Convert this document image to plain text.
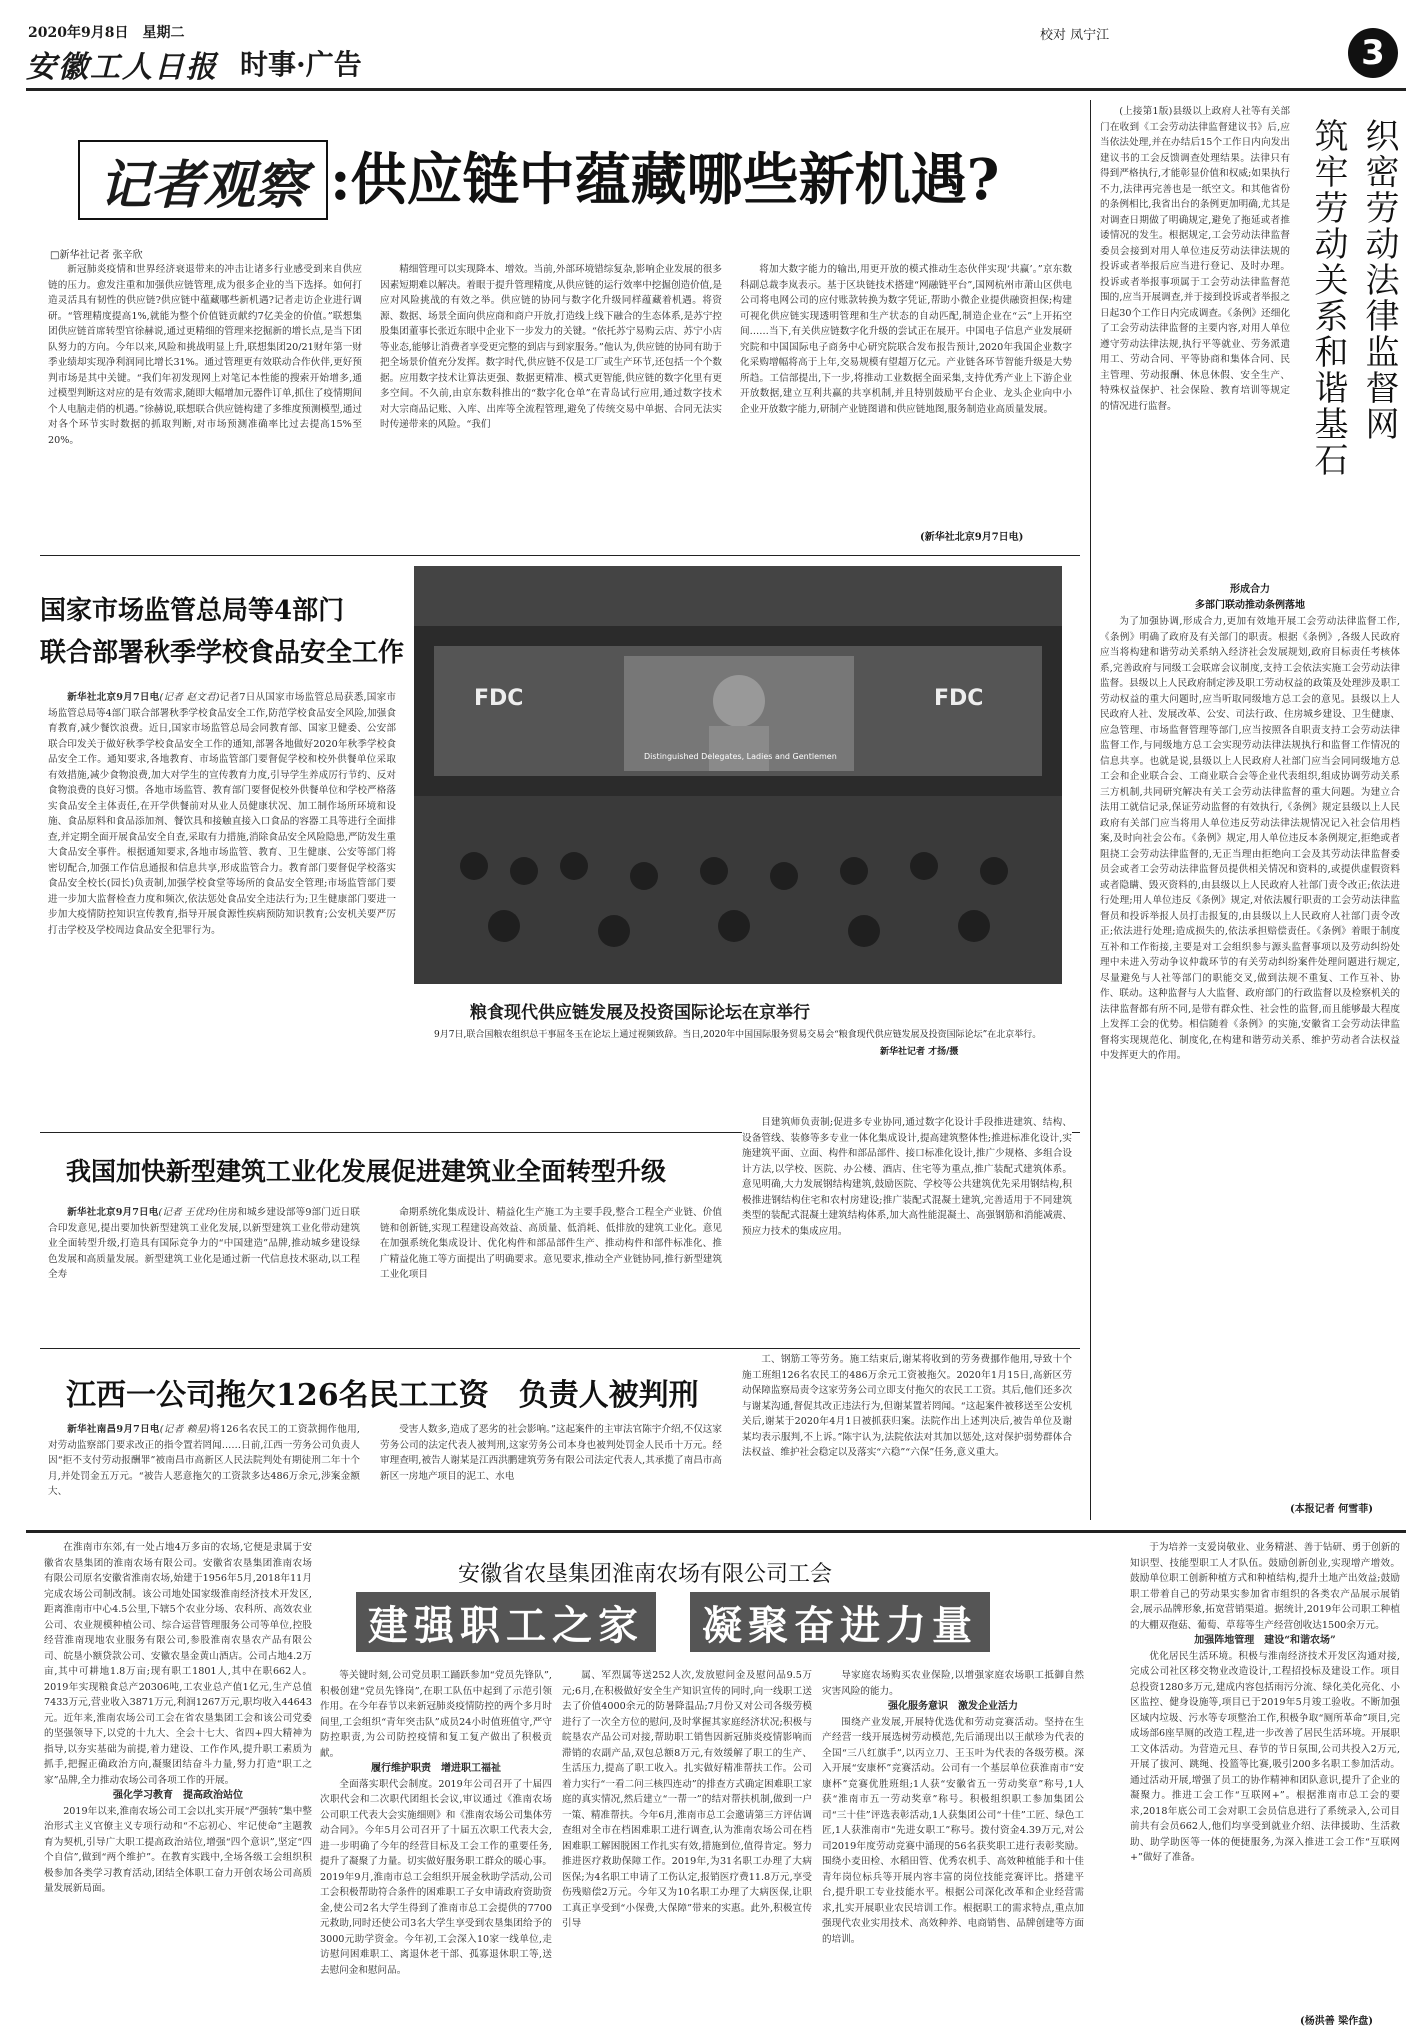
2020年9月8日　星期二
安徽工人日报 时事·广告
校对 凤宁江	3
记者观察 :供应链中蕴藏哪些新机遇?
□新华社记者 张辛欣

新冠肺炎疫情和世界经济衰退带来的冲击让诸多行业感受到来自供应链的压力。愈发注重和加强供应链管理,成为很多企业的当下选择。如何打造灵活具有韧性的供应链?供应链中蕴藏哪些新机遇?记者走访企业进行调研。“管理精度提高1%,就能为整个价值链贡献约7亿美金的价值。”联想集团供应链首席转型官徐赫说,通过更精细的管理来挖掘新的增长点,是当下团队努力的方向。今年以来,风险和挑战明显上升,联想集团20/21财年第一财季业绩却实现净利润同比增长31%。通过管理更有效联动合作伙伴,更好预判市场是其中关键。“我们年初发现网上对笔记本性能的搜索开始增多,通过模型判断这对应的是有效需求,随即大幅增加元器件订单,抓住了疫情期间个人电脑走俏的机遇。”徐赫说,联想联合供应链构建了多维度预测模型,通过对各个环节实时数据的抓取判断,对市场预测准确率比过去提高15%至20%。

精细管理可以实现降本、增效。当前,外部环境错综复杂,影响企业发展的很多因素短期难以解决。着眼于提升管理精度,从供应链的运行效率中挖掘创造价值,是应对风险挑战的有效之举。供应链的协同与数字化升级同样蕴藏着机遇。将资源、数据、场景全面向供应商和商户开放,打造线上线下融合的生态体系,是苏宁控股集团董事长张近东眼中企业下一步发力的关键。“依托苏宁易购云店、苏宁小店等业态,能够让消费者享受更完整的到店与到家服务。”他认为,供应链的协同有助于把全场景价值充分发挥。数字时代,供应链不仅是工厂或生产环节,还包括一个个数据。应用数字技术让算法更强、数据更精准、模式更智能,供应链的数字化里有更多空间。不久前,由京东数科推出的“数字化仓单”在青岛试行应用,通过数字技术对大宗商品记账、入库、出库等全流程管理,避免了传统交易中单据、合同无法实时传递带来的风险。“我们

将加大数字能力的输出,用更开放的模式推动生态伙伴实现‘共赢’。”京东数科副总裁李岚表示。基于区块链技术搭建“网融链平台”,国网杭州市萧山区供电公司将电网公司的应付账款转换为数字凭证,帮助小微企业提供融资担保;构建可视化供应链实现透明管理和生产状态的自动匹配,制造企业在“云”上开拓空间……当下,有关供应链数字化升级的尝试正在展开。中国电子信息产业发展研究院和中国国际电子商务中心研究院联合发布报告预计,2020年我国企业数字化采购增幅将高于上年,交易规模有望超万亿元。产业链各环节智能升级是大势所趋。工信部提出,下一步,将推动工业数据全面采集,支持优秀产业上下游企业开放数据,建立互利共赢的共享机制,并且特别鼓励平台企业、龙头企业向中小企业开放数字能力,研制产业链图谱和供应链地图,服务制造业高质量发展。

(新华社北京9月7日电)
国家市场监管总局等4部门
联合部署秋季学校食品安全工作

新华社北京9月7日电(记者 赵文君)记者7日从国家市场监管总局获悉,国家市场监管总局等4部门联合部署秋季学校食品安全工作,防范学校食品安全风险,加强食育教育,减少餐饮浪费。近日,国家市场监管总局会同教育部、国家卫健委、公安部联合印发关于做好秋季学校食品安全工作的通知,部署各地做好2020年秋季学校食品安全工作。通知要求,各地教育、市场监管部门要督促学校和校外供餐单位采取有效措施,减少食物浪费,加大对学生的宣传教育力度,引导学生养成厉行节约、反对食物浪费的良好习惯。各地市场监管、教育部门要督促校外供餐单位和学校严格落实食品安全主体责任,在开学供餐前对从业人员健康状况、加工制作场所环境和设施、食品原料和食品添加剂、餐饮具和接触直接入口食品的容器工具等进行全面排查,并定期全面开展食品安全自查,采取有力措施,消除食品安全风险隐患,严防发生重大食品安全事件。根据通知要求,各地市场监管、教育、卫生健康、公安等部门将密切配合,加强工作信息通报和信息共享,形成监管合力。教育部门要督促学校落实食品安全校长(园长)负责制,加强学校食堂等场所的食品安全管理;市场监管部门要进一步加大监督检查力度和频次,依法惩处食品安全违法行为;卫生健康部门要进一步加大疫情防控知识宣传教育,指导开展食源性疾病预防知识教育;公安机关要严厉打击学校及学校周边食品安全犯罪行为。

FDC	FDC
Distinguished Delegates, Ladies and Gentlemen
粮食现代供应链发展及投资国际论坛在京举行
9月7日,联合国粮农组织总干事屈冬玉在论坛上通过视频致辞。当日,2020年中国国际服务贸易交易会“粮食现代供应链发展及投资国际论坛”在北京举行。
新华社记者 才扬/摄
我国加快新型建筑工业化发展促进建筑业全面转型升级

新华社北京9月7日电(记者 王优玲)住房和城乡建设部等9部门近日联合印发意见,提出要加快新型建筑工业化发展,以新型建筑工业化带动建筑业全面转型升级,打造具有国际竞争力的“中国建造”品牌,推动城乡建设绿色发展和高质量发展。新型建筑工业化是通过新一代信息技术驱动,以工程全寿

命期系统化集成设计、精益化生产施工为主要手段,整合工程全产业链、价值链和创新链,实现工程建设高效益、高质量、低消耗、低排放的建筑工业化。意见在加强系统化集成设计、优化构件和部品部件生产、推动构件和部件标准化、推广精益化施工等方面提出了明确要求。意见要求,推动全产业链协同,推行新型建筑工业化项目

目建筑师负责制;促进多专业协同,通过数字化设计手段推进建筑、结构、设备管线、装修等多专业一体化集成设计,提高建筑整体性;推进标准化设计,实施建筑平面、立面、构件和部品部件、接口标准化设计,推广少规格、多组合设计方法,以学校、医院、办公楼、酒店、住宅等为重点,推广装配式建筑体系。意见明确,大力发展钢结构建筑,鼓励医院、学校等公共建筑优先采用钢结构,积极推进钢结构住宅和农村房建设;推广装配式混凝土建筑,完善适用于不同建筑类型的装配式混凝土建筑结构体系,加大高性能混凝土、高强钢筋和消能减震、预应力技术的集成应用。

江西一公司拖欠126名民工工资　负责人被判刑

新华社南昌9月7日电(记者 赖星)将126名农民工的工资款拥作他用,对劳动监察部门要求改正的指令置若罔闻……日前,江西一劳务公司负责人因“拒不支付劳动报酬罪”被南昌市高新区人民法院判处有期徒刑二年十个月,并处罚金五万元。“被告人恶意拖欠的工资款多达486万余元,涉案金额大、

受害人数多,造成了恶劣的社会影响。”这起案件的主审法官陈宇介绍,不仅这家劳务公司的法定代表人被判刑,这家劳务公司本身也被判处罚金人民币十万元。经审理查明,被告人谢某是江西洪鹏建筑劳务有限公司法定代表人,其承揽了南昌市高新区一房地产项目的泥工、水电

工、钢筋工等劳务。施工结束后,谢某将收到的劳务费挪作他用,导致十个施工班组126名农民工的486万余元工资被拖欠。2020年1月15日,高新区劳动保障监察局责令这家劳务公司立即支付拖欠的农民工工资。其后,他们还多次与谢某沟通,督促其改正违法行为,但谢某置若罔闻。“这起案件被移送至公安机关后,谢某于2020年4月1日被抓获归案。法院作出上述判决后,被告单位及谢某均表示服判,不上诉。”陈宇认为,法院依法对其加以惩处,这对保护弱势群体合法权益、维护社会稳定以及落实“六稳”“六保”任务,意义重大。

(上接第1版)县级以上政府人社等有关部门在收到《工会劳动法律监督建议书》后,应当依法处理,并在办结后15个工作日内向发出建议书的工会反馈调查处理结果。法律只有得到严格执行,才能彰显价值和权威;如果执行不力,法律再完善也是一纸空文。和其他省份的条例相比,我省出台的条例更加明确,尤其是对调查日期做了明确规定,避免了拖延或者推诿情况的发生。根据规定,工会劳动法律监督委员会接到对用人单位违反劳动法律法规的投诉或者举报后应当进行登记、及时办理。投诉或者举报事项属于工会劳动法律监督范围的,应当开展调查,并于接到投诉或者举报之日起30个工作日内完成调查。《条例》还细化了工会劳动法律监督的主要内容,对用人单位遵守劳动法律法规,执行平等就业、劳务派遣用工、劳动合同、平等协商和集体合同、民主管理、劳动报酬、休息休假、安全生产、特殊权益保护、社会保险、教育培训等规定的情况进行监督。	织密劳动法律监督网
筑牢劳动关系和谐基石
形成合力
多部门联动推动条例落地

为了加强协调,形成合力,更加有效地开展工会劳动法律监督工作,《条例》明确了政府及有关部门的职责。根据《条例》,各级人民政府应当将构建和谐劳动关系纳入经济社会发展规划,政府目标责任考核体系,完善政府与同级工会联席会议制度,支持工会依法实施工会劳动法律监督。县级以上人民政府制定涉及职工劳动权益的政策及处理涉及职工劳动权益的重大问题时,应当听取同级地方总工会的意见。县级以上人民政府人社、发展改革、公安、司法行政、住房城乡建设、卫生健康、应急管理、市场监督管理等部门,应当按照各自职责支持工会劳动法律监督工作,与同级地方总工会实现劳动法律法规执行和监督工作情况的信息共享。也就是说,县级以上人民政府人社部门应当会同同级地方总工会和企业联合会、工商业联合会等企业代表组织,组成协调劳动关系三方机制,共同研究解决有关工会劳动法律监督的重大问题。为建立合法用工就信记录,保证劳动监督的有效执行,《条例》规定县级以上人民政府有关部门应当将用人单位违反劳动法律法规情况记入社会信用档案,及时向社会公布。《条例》规定,用人单位违反本条例规定,拒绝或者阻挠工会劳动法律监督的,无正当理由拒绝向工会及其劳动法律监督委员会或者工会劳动法律监督员提供相关情况和资料的,或提供虚假资料或者隐瞒、毁灭资料的,由县级以上人民政府人社部门责令改正;依法进行处理;用人单位违反《条例》规定,对依法履行职责的工会劳动法律监督员和投诉举报人员打击报复的,由县级以上人民政府人社部门责令改正;依法进行处理;造成损失的,依法承担赔偿责任。《条例》着眼于制度互补和工作衔接,主要是对工会组织参与源头监督事项以及劳动纠纷处理中未进入劳动争议仲裁环节的有关劳动纠纷案件处理问题进行规定,尽量避免与人社等部门的职能交叉,做到法规不重复、工作互补、协作、联动。这种监督与人大监督、政府部门的行政监督以及检察机关的法律监督都有所不同,是带有群众性、社会性的监督,而且能够最大程度上发挥工会的优势。相信随着《条例》的实施,安徽省工会劳动法律监督将实现规范化、制度化,在构建和谐劳动关系、维护劳动者合法权益中发挥更大的作用。

(本报记者 何雪菲)
安徽省农垦集团淮南农场有限公司工会
建强职工之家	凝聚奋进力量

在淮南市东郊,有一处占地4万多亩的农场,它便是隶属于安徽省农垦集团的淮南农场有限公司。安徽省农垦集团淮南农场有限公司原名安徽省淮南农场,始建于1956年5月,2018年11月完成农场公司制改制。该公司地处国家级淮南经济技术开发区,距离淮南市中心4.5公里,下辖5个农业分场、农科所、高效农业公司、农业规模种植公司、综合运营管理服务公司等单位,控股经营淮南现地农业服务有限公司,参股淮南农垦农产品有限公司、皖垦小额贷款公司、安徽农垦金黄山酒店。公司占地4.2万亩,其中可耕地1.8万亩;现有职工1801人,其中在职662人。2019年实现粮食总产20306吨,工农业总产值1亿元,生产总值7433万元,营业收入3871万元,利润1267万元,职均收入44643元。近年来,淮南农场公司工会在省农垦集团工会和该公司党委的坚强领导下,以党的十九大、全会十七大、省四+四大精神为指导,以夯实基础为前提,着力建设、工作作风,提升职工素质为抓手,把握正确政治方向,凝聚团结奋斗力量,努力打造“职工之家”品牌,全力推动农场公司各项工作的开展。

强化学习教育　提高政治站位

2019年以来,淮南农场公司工会以扎实开展“严强转”集中整治形式主义官僚主义专项行动和“不忘初心、牢记使命”主题教育为契机,引导广大职工提高政治站位,增强“四个意识”,坚定“四个自信”,做到“两个维护”。在教育实践中,全场各级工会组织积极参加各类学习教育活动,团结全体职工奋力开创农场公司高质量发展新局面。

等关键时刻,公司党员职工踊跃参加“党员先锋队”,积极创建“党员先锋岗”,在职工队伍中起到了示范引领作用。在今年春节以来新冠肺炎疫情防控的两个多月时间里,工会组织“青年突击队”成员24小时值班值守,严守防控职责,为公司防控疫情和复工复产做出了积极贡献。

履行维护职责　增进职工福祉

全面落实职代会制度。2019年公司召开了十届四次职代会和二次职代团组长会议,审议通过《淮南农场公司职工代表大会实施细则》和《淮南农场公司集体劳动合同》。今年5月公司召开了十届五次职工代表大会,进一步明确了今年的经营目标及工会工作的重要任务,提升了凝聚了力量。切实做好服务职工群众的暖心事。2019年9月,淮南市总工会组织开展金秋助学活动,公司工会积极帮助符合条件的困难职工子女申请政府资助资金,使公司2名大学生得到了淮南市总工会提供的7700元救助,同时还使公司3名大学生享受到农垦集团给予的3000元助学资金。今年初,工会深入10家一线单位,走访慰问困难职工、离退休老干部、孤寡退休职工等,送去慰问金和慰问品。

属、军烈属等送252人次,发放慰问金及慰问品9.5万元;6月,在积极做好安全生产知识宣传的同时,向一线职工送去了价值4000余元的防暑降温品;7月份又对公司各级劳模进行了一次全方位的慰问,及时掌握其家庭经济状况;积极与皖垦农产品公司对接,帮助职工销售因新冠肺炎疫情影响而滞销的农副产品,双包总额8万元,有效缓解了职工的生产、生活压力,提高了职工收入。扎实做好精准帮扶工作。公司着力实行“一看二问三核四连动”的排查方式确定困难职工家庭的真实情况,然后建立“一帮一”的结对帮扶机制,做到一户一策、精准帮扶。今年6月,淮南市总工会邀请第三方评估调查组对全市在档困难职工进行调查,认为淮南农场公司在档困难职工解困脱困工作扎实有效,措施到位,值得肯定。努力推进医疗救助保障工作。2019年,为31名职工办理了大病医保;为4名职工申请了工伤认定,报销医疗费11.8万元,享受伤残赔偿2万元。今年又为10名职工办理了大病医保,让职工真正享受到“小保费,大保障”带来的实惠。此外,积极宣传引导

导家庭农场购买农业保险,以增强家庭农场职工抵御自然灾害风险的能力。

强化服务意识　激发企业活力

围绕产业发展,开展特优选优和劳动竞赛活动。坚持在生产经营一线开展选树劳动模范,先后涌现出以王献珍为代表的全国“三八红旗手”,以丙立刀、王玉叶为代表的各级劳模。深入开展“安康杯”竞赛活动。公司有一个基层单位获淮南市“安康杯”竞赛优胜班组;1人获“安徽省五一劳动奖章”称号,1人获“淮南市五一劳动奖章”称号。积极组织职工参加集团公司“三十佳”评选表彰活动,1人获集团公司“十佳”工匠、绿色工匠,1人获淮南市“先进女职工”称号。拨付资金4.39万元,对公司2019年度劳动竞赛中涌现的56名获奖职工进行表彰奖励。围绕小麦田检、水稻田管、优秀农机手、高效种植能手和十佳青年岗位标兵等开展内容丰富的岗位技能竞赛评比。搭建平台,提升职工专业技能水平。根据公司深化改革和企业经营需求,扎实开展职业农民培训工作。根据职工的需求特点,重点加强现代农业实用技术、高效种养、电商销售、品牌创建等方面的培训。

于为培养一支爱岗敬业、业务精湛、善于钻研、勇于创新的知识型、技能型职工人才队伍。鼓励创新创业,实现增产增效。鼓励单位职工创新种植方式和种植结构,提升土地产出效益;鼓励职工带着自己的劳动果实参加省市组织的各类农产品展示展销会,展示品牌形象,拓宽营销渠道。据统计,2019年公司职工种植的大棚双孢菇、葡萄、草莓等生产经营创收达1500余万元。

加强阵地管理　建设“和谐农场”

优化居民生活环境。积极与淮南经济技术开发区沟通对接,完成公司社区移交物业改造设计,工程招投标及建设工作。项目总投资1280多万元,建成内容包括雨污分流、绿化美化亮化、小区监控、健身设施等,项目已于2019年5月竣工验收。不断加强区域内垃圾、污水等专项整治工作,积极争取“厕所革命”项目,完成场部6座旱厕的改造工程,进一步改善了居民生活环境。开展职工文体活动。为营造元旦、春节的节日氛围,公司共投入2万元,开展了拔河、跳绳、投篮等比赛,吸引200多名职工参加活动。通过活动开展,增强了员工的协作精神和团队意识,提升了企业的凝聚力。推进工会工作“互联网+”。根据淮南市总工会的要求,2018年底公司工会对职工会员信息进行了系统录入,公司目前共有会员662人,他们均享受到就业介绍、法律援助、生活救助、助学助医等一体的便捷服务,为深入推进工会工作“互联网+”做好了准备。

(杨洪善 梁作盘)
